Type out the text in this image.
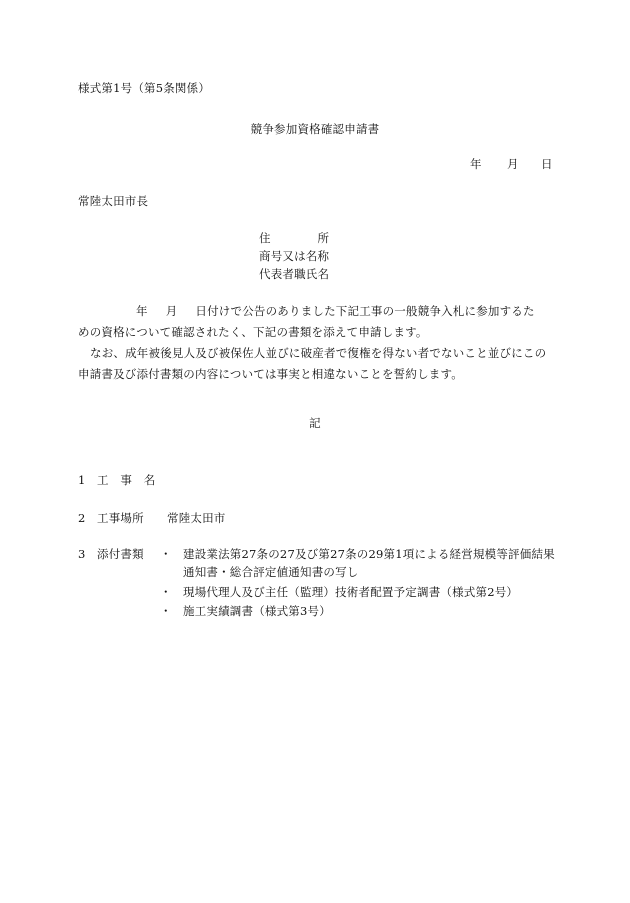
様式第1号（第5条関係）
競争参加資格確認申請書
年 月 日
常陸太田市長
住　　　　所
商号又は名称
代表者職氏名

年 月 日付けで公告のありました下記工事の一般競争入札に参加するた

めの資格について確認されたく、下記の書類を添えて申請します。

なお、成年被後見人及び被保佐人並びに破産者で復権を得ない者でないこと並びにこの

申請書及び添付書類の内容については事実と相違ないことを誓約します。

記
1 工　事　名
2 工事場所 常陸太田市
3 添付書類 ・ 建設業法第27条の27及び第27条の29第1項による経営規模等評価結果
通知書・総合評定値通知書の写し
・ 現場代理人及び主任（監理）技術者配置予定調書（様式第2号）
・ 施工実績調書（様式第3号）
